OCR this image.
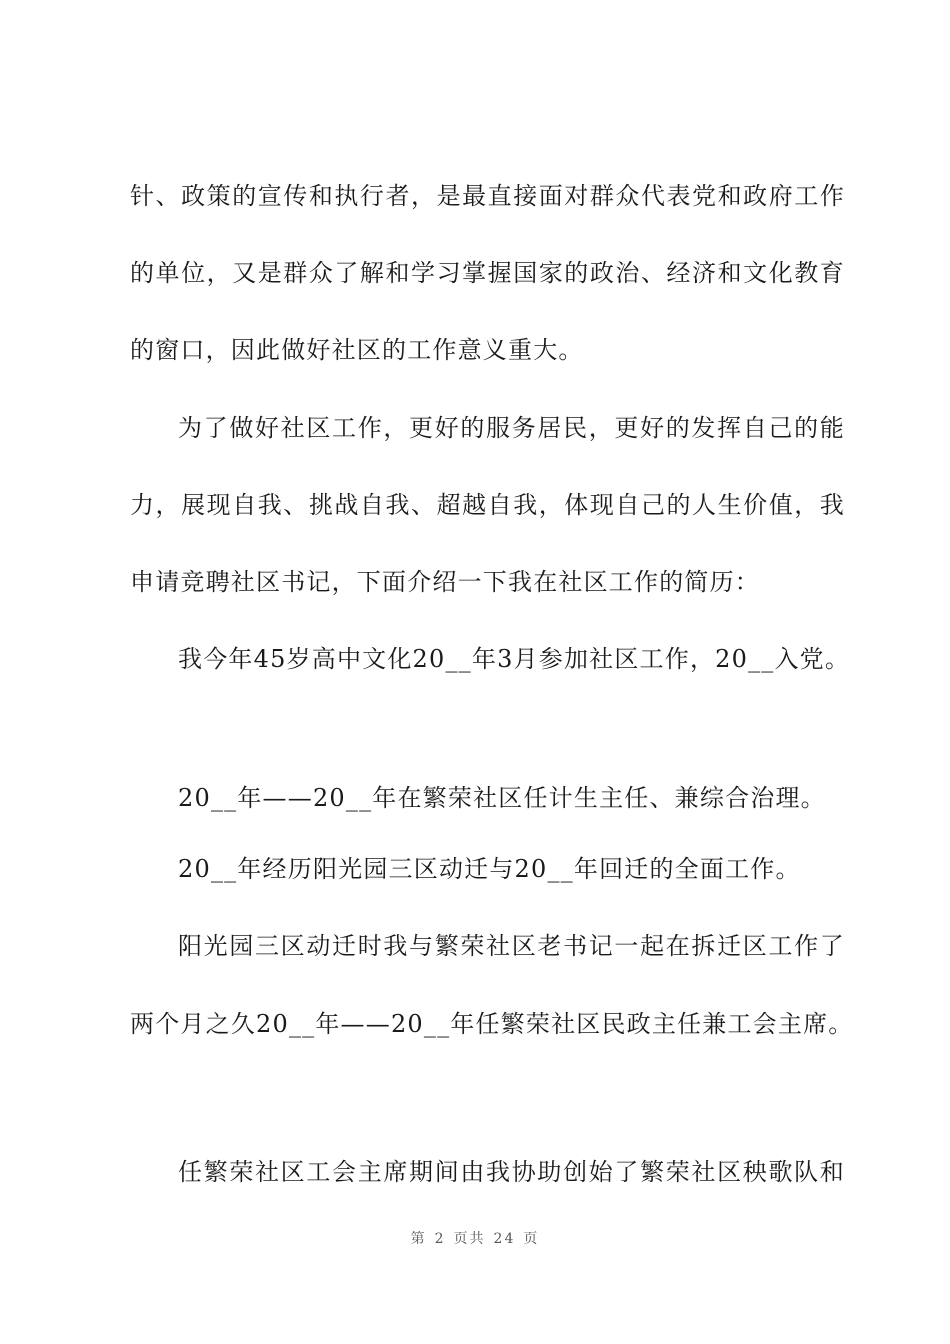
针、政策的宣传和执行者，是最直接面对群众代表党和政府工作
的单位，又是群众了解和学习掌握国家的政治、经济和文化教育
的窗口，因此做好社区的工作意义重大。
为了做好社区工作，更好的服务居民，更好的发挥自己的能
力，展现自我、挑战自我、超越自我，体现自己的人生价值，我
申请竞聘社区书记，下面介绍一下我在社区工作的简历：
我今年45岁高中文化20__年3月参加社区工作，20__入党。
20__年——20__年在繁荣社区任计生主任、兼综合治理。
20__年经历阳光园三区动迁与20__年回迁的全面工作。
阳光园三区动迁时我与繁荣社区老书记一起在拆迁区工作了
两个月之久20__年——20__年任繁荣社区民政主任兼工会主席。
任繁荣社区工会主席期间由我协助创始了繁荣社区秧歌队和
第 2 页共 24 页
